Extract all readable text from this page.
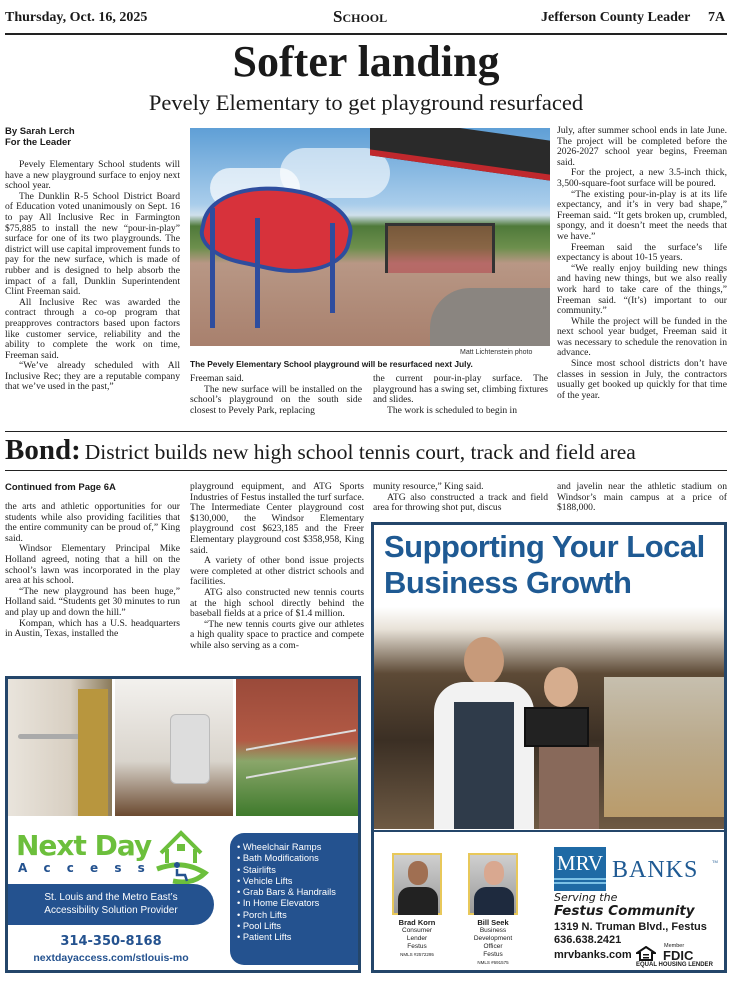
Thursday, Oct. 16, 2025	School	Jefferson County Leader 7A
Softer landing
Pevely Elementary to get playground resurfaced
By Sarah Lerch
For the Leader

Pevely Elementary School students will have a new playground surface to enjoy next school year.

The Dunklin R-5 School District Board of Education voted unanimously on Sept. 16 to pay All Inclusive Rec in Farmington $75,885 to install the new “pour-in-play” surface for one of its two playgrounds. The district will use capital improvement funds to pay for the new surface, which is made of rubber and is designed to help absorb the impact of a fall, Dunklin Superintendent Clint Freeman said.

All Inclusive Rec was awarded the contract through a co-op program that preapproves contractors based upon factors like customer service, reliability and the ability to complete the work on time, Freeman said.

“We’ve already scheduled with All Inclusive Rec; they are a reputable company that we’ve used in the past,”

Matt Lichtenstein photo
The Pevely Elementary School playground will be resurfaced next July.

Freeman said.

The new surface will be installed on the school’s playground on the south side closest to Pevely Park, replacing

the current pour-in-play surface. The playground has a swing set, climbing fixtures and slides.

The work is scheduled to begin in

July, after summer school ends in late June. The project will be completed before the 2026-2027 school year begins, Freeman said.

For the project, a new 3.5-inch thick, 3,500-square-foot surface will be poured.

“The existing pour-in-play is at its life expectancy, and it’s in very bad shape,” Freeman said. “It gets broken up, crumbled, spongy, and it doesn’t meet the needs that we have.”

Freeman said the surface’s life expectancy is about 10-15 years.

“We really enjoy building new things and having new things, but we also really work hard to take care of the things,” Freeman said. “(It’s) important to our community.”

While the project will be funded in the next school year budget, Freeman said it was necessary to schedule the renovation in advance.

Since most school districts don’t have classes in session in July, the contractors usually get booked up quickly for that time of the year.

Bond: District builds new high school tennis court, track and field area
Continued from Page 6A

the arts and athletic opportunities for our students while also providing facilities that the entire community can be proud of,” King said.

Windsor Elementary Principal Mike Holland agreed, noting that a hill on the school’s lawn was incorporated in the play area at his school.

“The new playground has been huge,” Holland said. “Students get 30 minutes to run and play up and down the hill.”

Kompan, which has a U.S. headquarters in Austin, Texas, installed the

playground equipment, and ATG Sports Industries of Festus installed the turf surface. The Intermediate Center playground cost $130,000, the Windsor Elementary playground cost $623,185 and the Freer Elementary playground cost $358,958, King said.

A variety of other bond issue projects were completed at other district schools and facilities.

ATG also constructed new tennis courts at the high school directly behind the baseball fields at a price of $1.4 million.

“The new tennis courts give our athletes a high quality space to practice and compete while also serving as a com-

munity resource,” King said.

ATG also constructed a track and field area for throwing shot put, discus

and javelin near the athletic stadium on Windsor’s main campus at a price of $188,000.

Next Day
A c c e s s
St. Louis and the Metro East’s
Accessibility Solution Provider
314-350-8168
nextdayaccess.com/stlouis-mo
• Wheelchair Ramps
• Bath Modifications
• Stairlifts
• Vehicle Lifts
• Grab Bars & Handrails
• In Home Elevators
• Porch Lifts
• Pool Lifts
• Patient Lifts
Supporting Your Local
Business Growth
Brad Korn
Consumer
Lender
Festus
NMLS #2572295
Bill Seek
Business
Development
Officer
Festus
NMLS #691575
MRV BANKS	TM
Serving the
Festus Community
1319 N. Truman Blvd., Festus
636.638.2421
mrvbanks.com
EQUAL HOUSING LENDER
Member
FDIC
